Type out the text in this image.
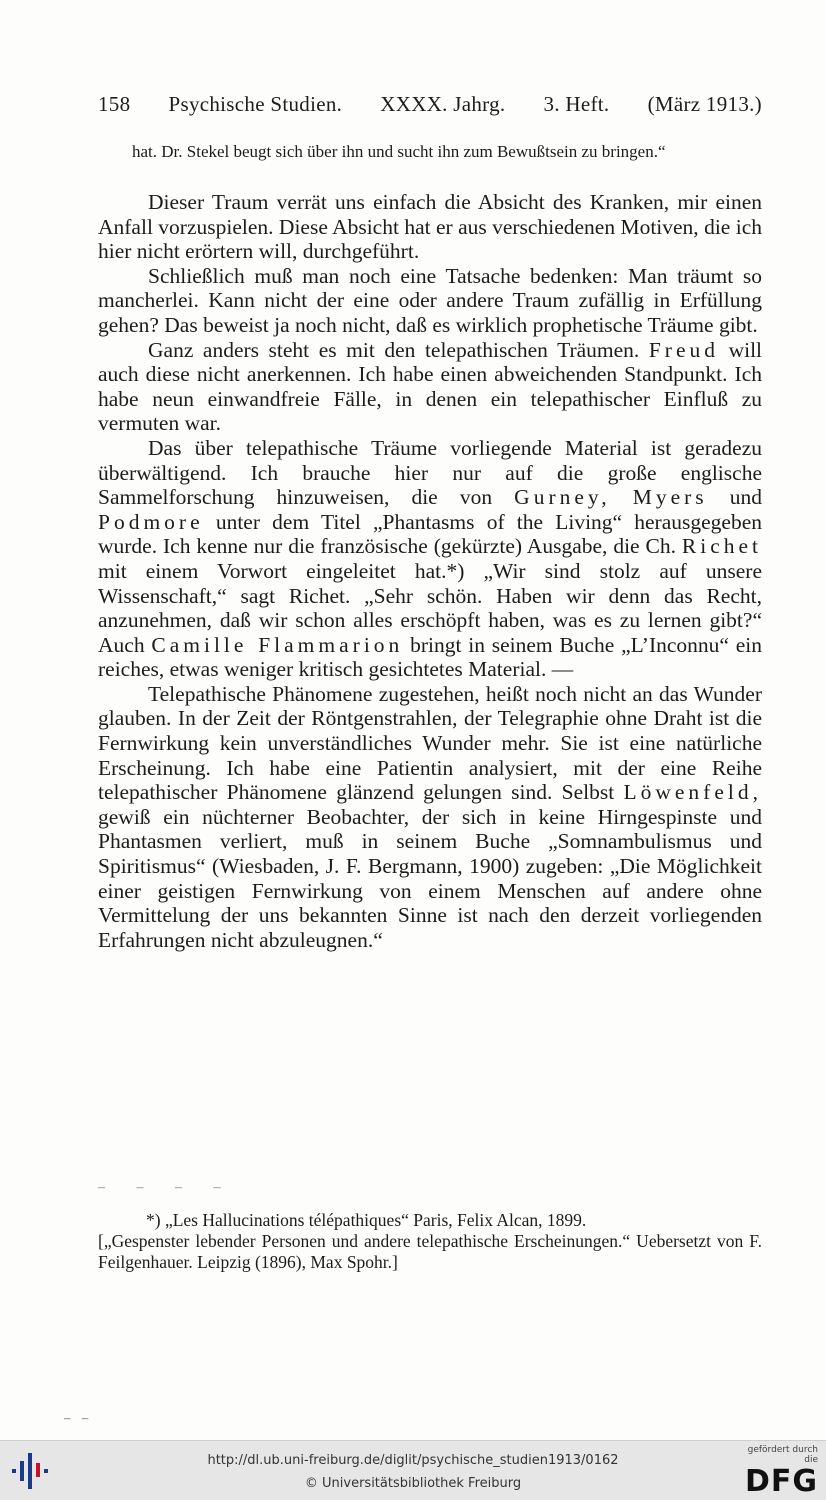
158 Psychische Studien. XXXX. Jahrg. 3. Heft. (März 1913.)
hat. Dr. Stekel beugt sich über ihn und sucht ihn zum Bewußtsein zu bringen.“

Dieser Traum verrät uns einfach die Absicht des Kranken, mir einen Anfall vorzuspielen. Diese Absicht hat er aus verschiedenen Motiven, die ich hier nicht erörtern will, durchgeführt.

Schließlich muß man noch eine Tatsache bedenken: Man träumt so mancherlei. Kann nicht der eine oder andere Traum zufällig in Erfüllung gehen? Das beweist ja noch nicht, daß es wirklich prophetische Träume gibt.

Ganz anders steht es mit den telepathischen Träumen. Freud will auch diese nicht anerkennen. Ich habe einen abweichenden Standpunkt. Ich habe neun einwandfreie Fälle, in denen ein telepathischer Einfluß zu vermuten war.

Das über telepathische Träume vorliegende Material ist geradezu überwältigend. Ich brauche hier nur auf die große englische Sammelforschung hinzuweisen, die von Gurney, Myers und Podmore unter dem Titel „Phantasms of the Living“ herausgegeben wurde. Ich kenne nur die französische (gekürzte) Ausgabe, die Ch. Richet mit einem Vorwort eingeleitet hat.*) „Wir sind stolz auf unsere Wissenschaft,“ sagt Richet. „Sehr schön. Haben wir denn das Recht, anzunehmen, daß wir schon alles erschöpft haben, was es zu lernen gibt?“ Auch Camille Flammarion bringt in seinem Buche „L’Inconnu“ ein reiches, etwas weniger kritisch gesichtetes Material. —

Telepathische Phänomene zugestehen, heißt noch nicht an das Wunder glauben. In der Zeit der Röntgenstrahlen, der Telegraphie ohne Draht ist die Fernwirkung kein unverständliches Wunder mehr. Sie ist eine natürliche Erscheinung. Ich habe eine Patientin analysiert, mit der eine Reihe telepathischer Phänomene glänzend gelungen sind. Selbst Löwenfeld, gewiß ein nüchterner Beobachter, der sich in keine Hirngespinste und Phantasmen verliert, muß in seinem Buche „Somnambulismus und Spiritismus“ (Wiesbaden, J. F. Bergmann, 1900) zugeben: „Die Möglichkeit einer geistigen Fernwirkung von einem Menschen auf andere ohne Vermittelung der uns bekannten Sinne ist nach den derzeit vorliegenden Erfahrungen nicht abzuleugnen.“

– – – –

*) „Les Hallucinations télépathiques“ Paris, Felix Alcan, 1899.

[„Gespenster lebender Personen und andere telepathische Erscheinungen.“ Uebersetzt von F. Feilgenhauer. Leipzig (1896), Max Spohr.]

– –
http://dl.ub.uni-freiburg.de/diglit/psychische_studien1913/0162
© Universitätsbibliothek Freiburg
gefördert durch die
DFG
